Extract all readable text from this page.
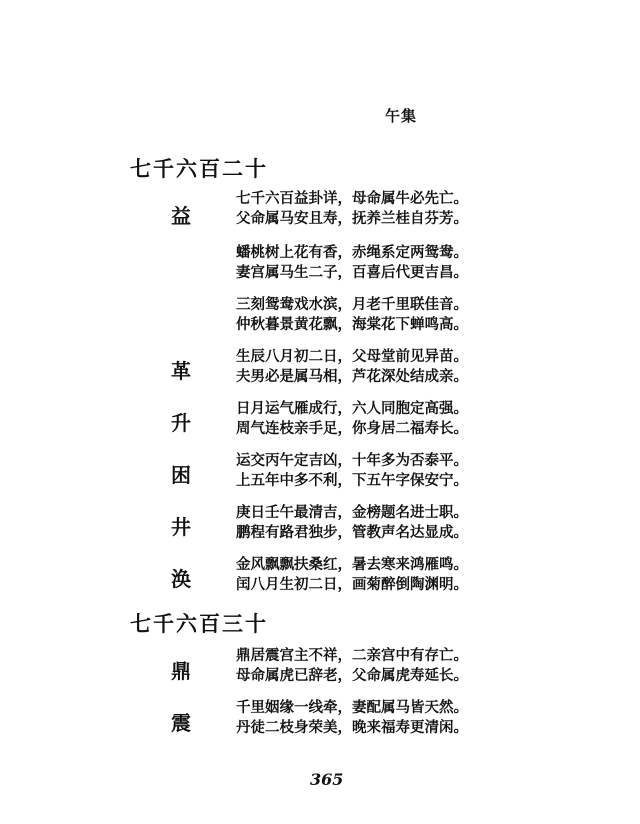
午集
七千六百二十
益
革
升
困
井
涣
七千六百益卦详，母命属牛必先亡。
父命属马安且寿，抚养兰桂自芬芳。
蟠桃树上花有香，赤绳系定两鸳鸯。
妻宫属马生二子，百喜后代更吉昌。
三刻鸳鸯戏水滨，月老千里联佳音。
仲秋暮景黄花飘，海棠花下蝉鸣高。
生辰八月初二日，父母堂前见异苗。
夫男必是属马相，芦花深处结成亲。
日月运气雁成行，六人同胞定高强。
周气连枝亲手足，你身居二福寿长。
运交丙午定吉凶，十年多为否泰平。
上五年中多不利，下五午字保安宁。
庚日壬午最清吉，金榜题名进士职。
鹏程有路君独步，管教声名达显成。
金风飘飘扶桑红，暑去寒来鸿雁鸣。
闰八月生初二日，画菊醉倒陶渊明。
七千六百三十
鼎
震
鼎居震宫主不祥，二亲宫中有存亡。
母命属虎已辞老，父命属虎寿延长。
千里姻缘一线牵，妻配属马皆天然。
丹徒二枝身荣美，晚来福寿更清闲。
365
